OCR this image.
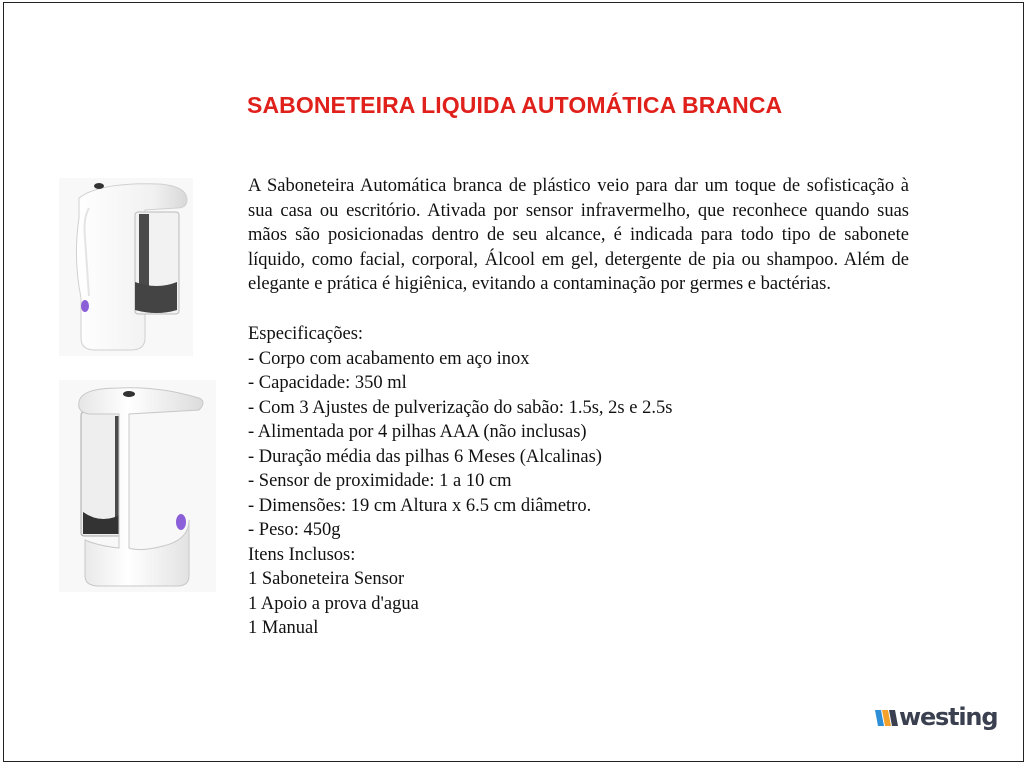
SABONETEIRA LIQUIDA AUTOMÁTICA BRANCA

A Saboneteira Automática branca de plástico veio para dar um toque de sofisticação à sua casa ou escritório. Ativada por sensor infravermelho, que reconhece quando suas mãos são posicionadas dentro de seu alcance, é indicada para todo tipo de sabonete líquido, como facial, corporal, Álcool em gel, detergente de pia ou shampoo. Além de elegante e prática é higiênica, evitando a contaminação por germes e bactérias.

Especificações:
- Corpo com acabamento em aço inox
- Capacidade: 350 ml
- Com 3 Ajustes de pulverização do sabão: 1.5s, 2s e 2.5s
- Alimentada por 4 pilhas AAA (não inclusas)
- Duração média das pilhas 6 Meses (Alcalinas)
- Sensor de proximidade: 1 a 10 cm
- Dimensões: 19 cm Altura x 6.5 cm diâmetro.
- Peso: 450g
Itens Inclusos:
1 Saboneteira Sensor
1 Apoio a prova d'agua
1 Manual
westing
